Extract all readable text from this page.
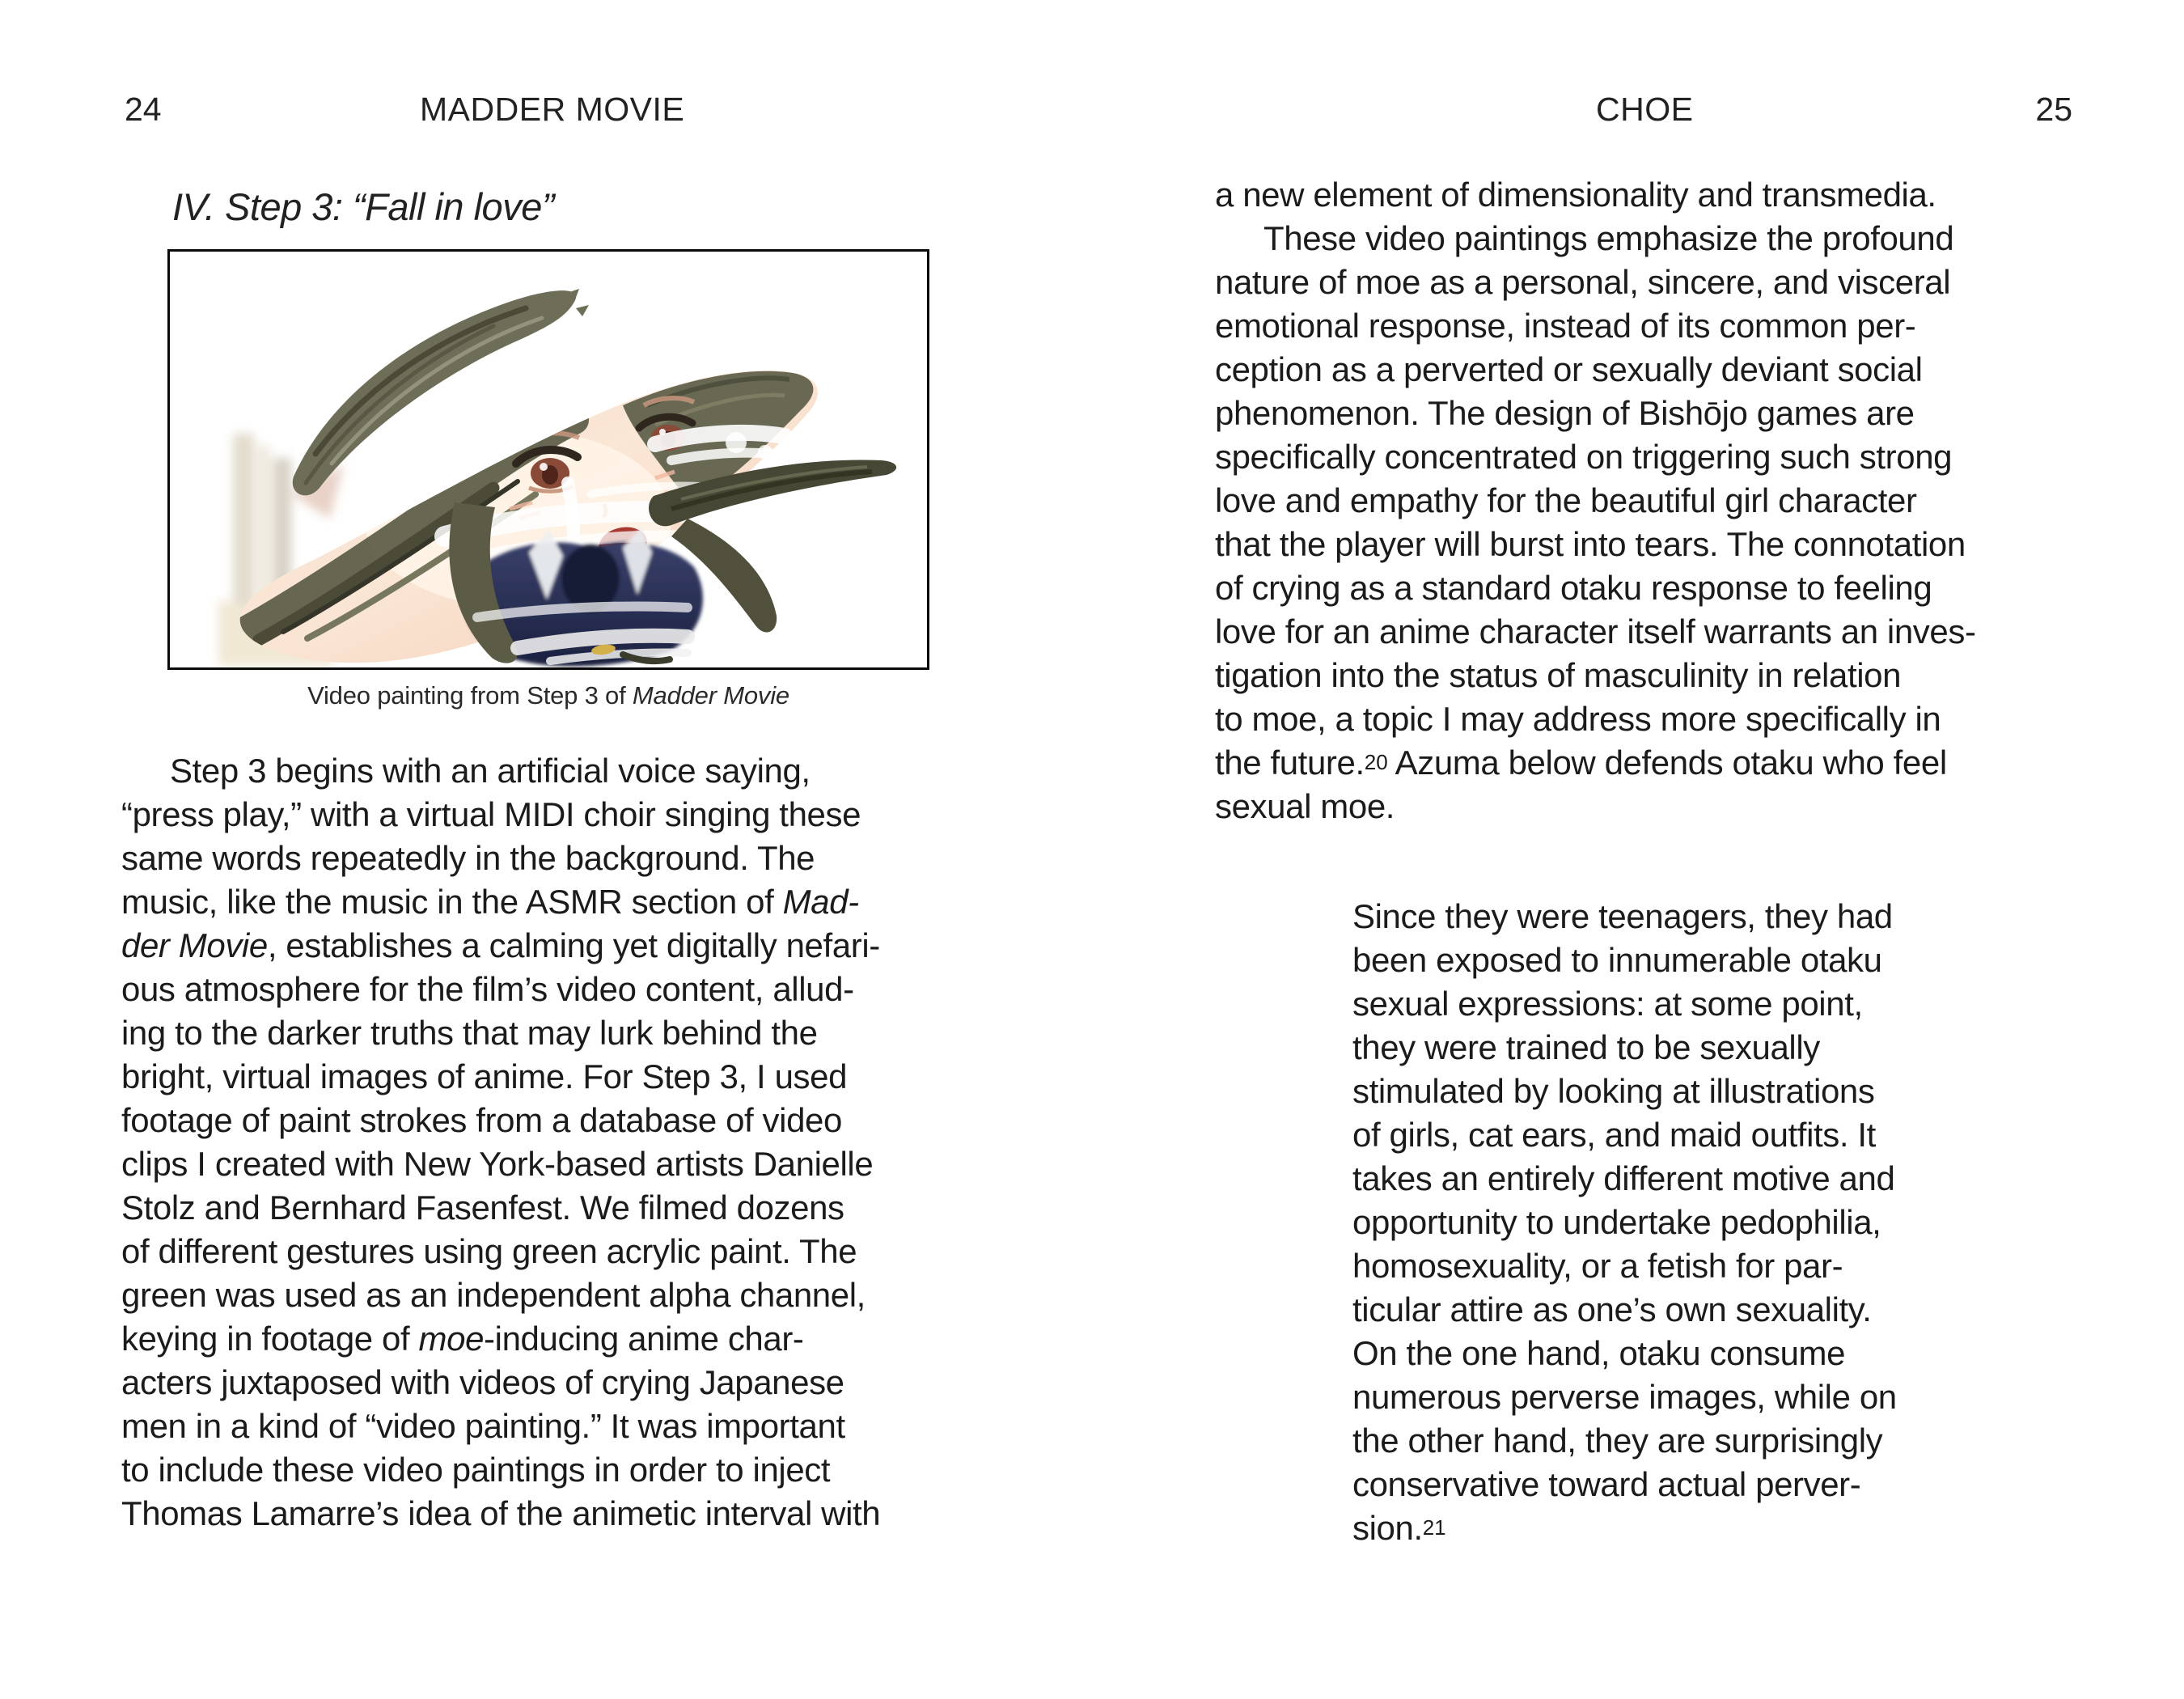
24	MADDER MOVIE
IV. Step 3: “Fall in love”
Video painting from Step 3 of Madder Movie
Step 3 begins with an artificial voice saying,
“press play,” with a virtual MIDI choir singing these
same words repeatedly in the background. The
music, like the music in the ASMR section of Mad-
der Movie, establishes a calming yet digitally nefari-
ous atmosphere for the film’s video content, allud-
ing to the darker truths that may lurk behind the
bright, virtual images of anime. For Step 3, I used
footage of paint strokes from a database of video
clips I created with New York-based artists Danielle
Stolz and Bernhard Fasenfest. We filmed dozens
of different gestures using green acrylic paint. The
green was used as an independent alpha channel,
keying in footage of moe-inducing anime char-
acters juxtaposed with videos of crying Japanese
men in a kind of “video painting.” It was important
to include these video paintings in order to inject
Thomas Lamarre’s idea of the animetic interval with
CHOE	25
a new element of dimensionality and transmedia.
These video paintings emphasize the profound
nature of moe as a personal, sincere, and visceral
emotional response, instead of its common per-
ception as a perverted or sexually deviant social
phenomenon. The design of Bishōjo games are
specifically concentrated on triggering such strong
love and empathy for the beautiful girl character
that the player will burst into tears. The connotation
of crying as a standard otaku response to feeling
love for an anime character itself warrants an inves-
tigation into the status of masculinity in relation
to moe, a topic I may address more specifically in
the future.$^{20}$ Azuma below defends otaku who feel
sexual moe.
Since they were teenagers, they had
been exposed to innumerable otaku
sexual expressions: at some point,
they were trained to be sexually
stimulated by looking at illustrations
of girls, cat ears, and maid outfits. It
takes an entirely different motive and
opportunity to undertake pedophilia,
homosexuality, or a fetish for par-
ticular attire as one’s own sexuality.
On the one hand, otaku consume
numerous perverse images, while on
the other hand, they are surprisingly
conservative toward actual perver-
sion.$^{21}$
